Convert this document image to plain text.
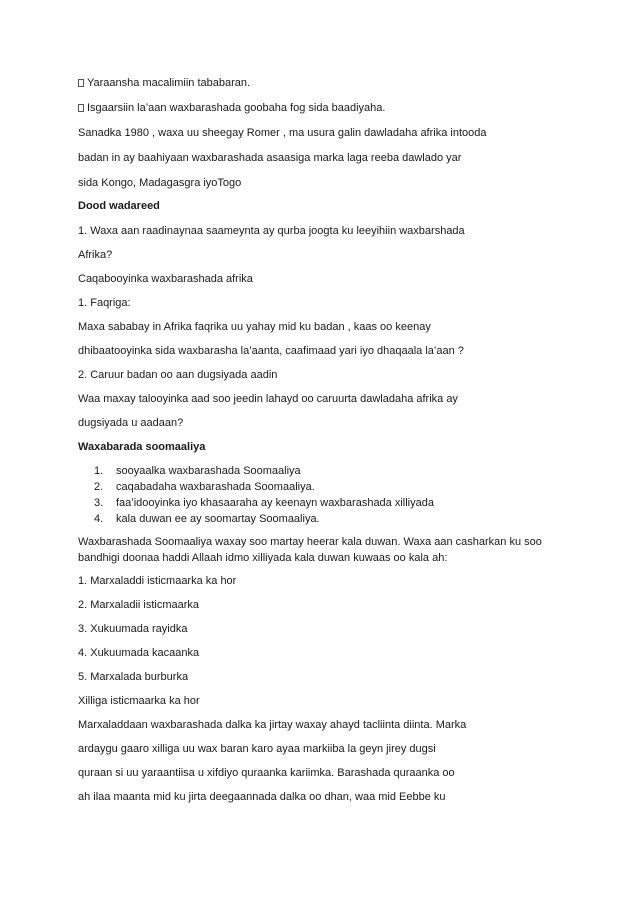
Yaraansha macalimiin tababaran.
Isgaarsiin la’aan waxbarashada goobaha fog sida baadiyaha.
Sanadka 1980 , waxa uu sheegay Romer , ma usura galin dawladaha afrika intooda
badan in ay baahiyaan waxbarashada asaasiga marka laga reeba dawlado yar
sida Kongo, Madagasgra iyoTogo
Dood wadareed
1. Waxa aan raadinaynaa saameynta ay qurba joogta ku leeyihiin waxbarshada
Afrika?
Caqabooyinka waxbarashada afrika
1. Faqriga:
Maxa sababay in Afrika faqrika uu yahay mid ku badan , kaas oo keenay
dhibaatooyinka sida waxbarasha la’aanta, caafimaad yari iyo dhaqaala la’aan ?
2. Caruur badan oo aan dugsiyada aadin
Waa maxay talooyinka aad soo jeedin lahayd oo caruurta dawladaha afrika ay
dugsiyada u aadaan?
Waxabarada soomaaliya
1. sooyaalka waxbarashada Soomaaliya
2. caqabadaha waxbarashada Soomaaliya.
3. faa’idooyinka iyo khasaaraha ay keenayn waxbarashada xilliyada
4. kala duwan ee ay soomartay Soomaaliya.
Waxbarashada Soomaaliya waxay soo martay heerar kala duwan. Waxa aan casharkan ku soo bandhigi doonaa haddi Allaah idmo xilliyada kala duwan kuwaas oo kala ah:
1. Marxaladdi isticmaarka ka hor
2. Marxaladii isticmaarka
3. Xukuumada rayidka
4. Xukuumada kacaanka
5. Marxalada burburka
Xilliga isticmaarka ka hor
Marxaladdaan waxbarashada dalka ka jirtay waxay ahayd tacliinta diinta. Marka
ardaygu gaaro xilliga uu wax baran karo ayaa markiiba la geyn jirey dugsi
quraan si uu yaraantiisa u xifdiyo quraanka kariimka. Barashada quraanka oo
ah ilaa maanta mid ku jirta deegaannada dalka oo dhan, waa mid Eebbe ku
